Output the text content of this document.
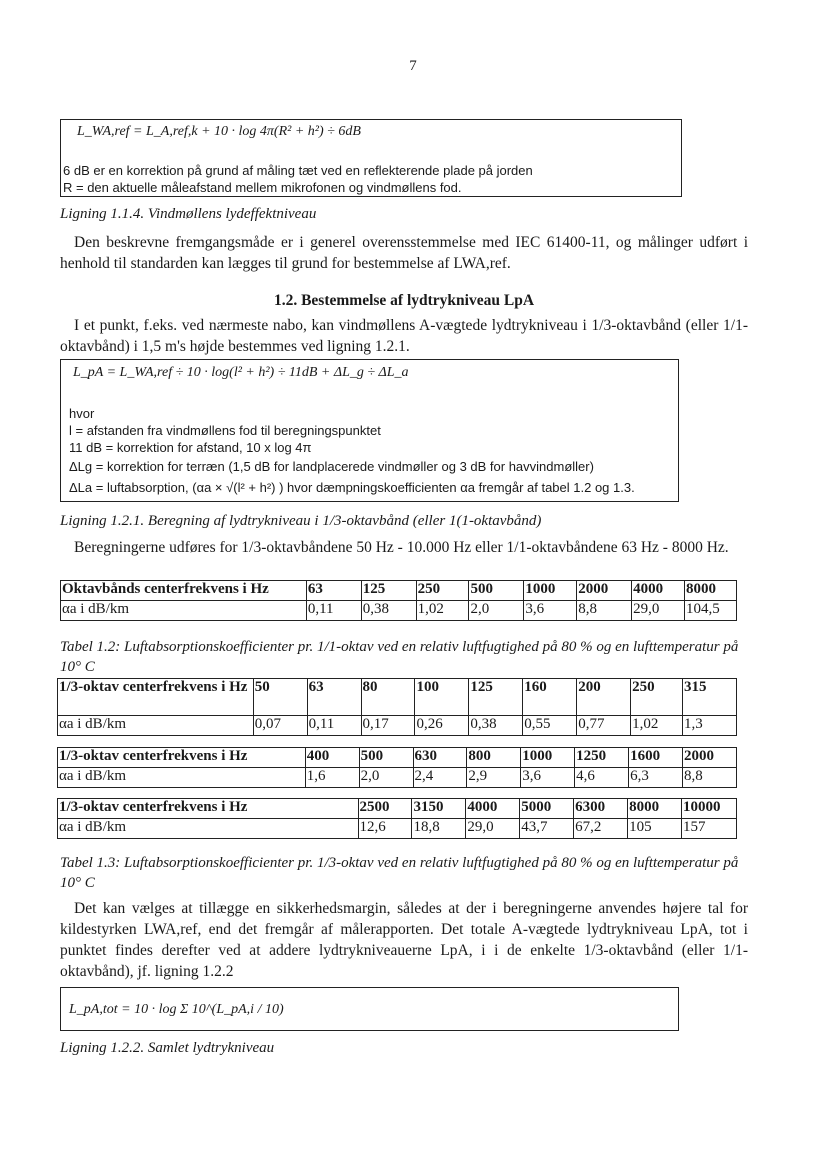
7
L_WA,ref = L_A,ref,k + 10 · log 4π(R² + h²) ÷ 6dB
6 dB er en korrektion på grund af måling tæt ved en reflekterende plade på jorden
R = den aktuelle måleafstand mellem mikrofonen og vindmøllens fod.
Ligning 1.1.4. Vindmøllens lydeffektniveau
Den beskrevne fremgangsmåde er i generel overensstemmelse med IEC 61400-11, og målinger udført i henhold til standarden kan lægges til grund for bestemmelse af LWA,ref.
1.2. Bestemmelse af lydtrykniveau LpA
I et punkt, f.eks. ved nærmeste nabo, kan vindmøllens A-vægtede lydtrykniveau i 1/3-oktavbånd (eller 1/1-oktavbånd) i 1,5 m's højde bestemmes ved ligning 1.2.1.
L_pA = L_WA,ref ÷ 10 · log(l² + h²) ÷ 11dB + ΔL_g ÷ ΔL_a
hvor
l = afstanden fra vindmøllens fod til beregningspunktet
11 dB = korrektion for afstand, 10 x log 4π
ΔLg = korrektion for terræn (1,5 dB for landplacerede vindmøller og 3 dB for havvindmøller)
ΔLa = luftabsorption, (αa × √(l² + h²) ) hvor dæmpningskoefficienten αa fremgår af tabel 1.2 og 1.3.
Ligning 1.2.1. Beregning af lydtrykniveau i 1/3-oktavbånd (eller 1(1-oktavbånd)
Beregningerne udføres for 1/3-oktavbåndene 50 Hz - 10.000 Hz eller 1/1-oktavbåndene 63 Hz - 8000 Hz.
Oktavbånds centerfrekvens i Hz	63	125	250	500	1000	2000	4000	8000
αa i dB/km	0,11	0,38	1,02	2,0	3,6	8,8	29,0	104,5
Tabel 1.2: Luftabsorptionskoefficienter pr. 1/1-oktav ved en relativ luftfugtighed på 80 % og en lufttemperatur på 10° C
1/3-oktav centerfrekvens i Hz	50	63	80	100	125	160	200	250	315
αa i dB/km	0,07	0,11	0,17	0,26	0,38	0,55	0,77	1,02	1,3
1/3-oktav centerfrekvens i Hz	400	500	630	800	1000	1250	1600	2000
αa i dB/km	1,6	2,0	2,4	2,9	3,6	4,6	6,3	8,8
1/3-oktav centerfrekvens i Hz	2500	3150	4000	5000	6300	8000	10000
αa i dB/km	12,6	18,8	29,0	43,7	67,2	105	157
Tabel 1.3: Luftabsorptionskoefficienter pr. 1/3-oktav ved en relativ luftfugtighed på 80 % og en lufttemperatur på 10° C
Det kan vælges at tillægge en sikkerhedsmargin, således at der i beregningerne anvendes højere tal for kildestyrken LWA,ref, end det fremgår af målerapporten. Det totale A-vægtede lydtrykniveau LpA, tot i punktet findes derefter ved at addere lydtrykniveauerne LpA, i i de enkelte 1/3-oktavbånd (eller 1/1-oktavbånd), jf. ligning 1.2.2
L_pA,tot = 10 · log Σ 10^(L_pA,i / 10)
Ligning 1.2.2. Samlet lydtrykniveau
